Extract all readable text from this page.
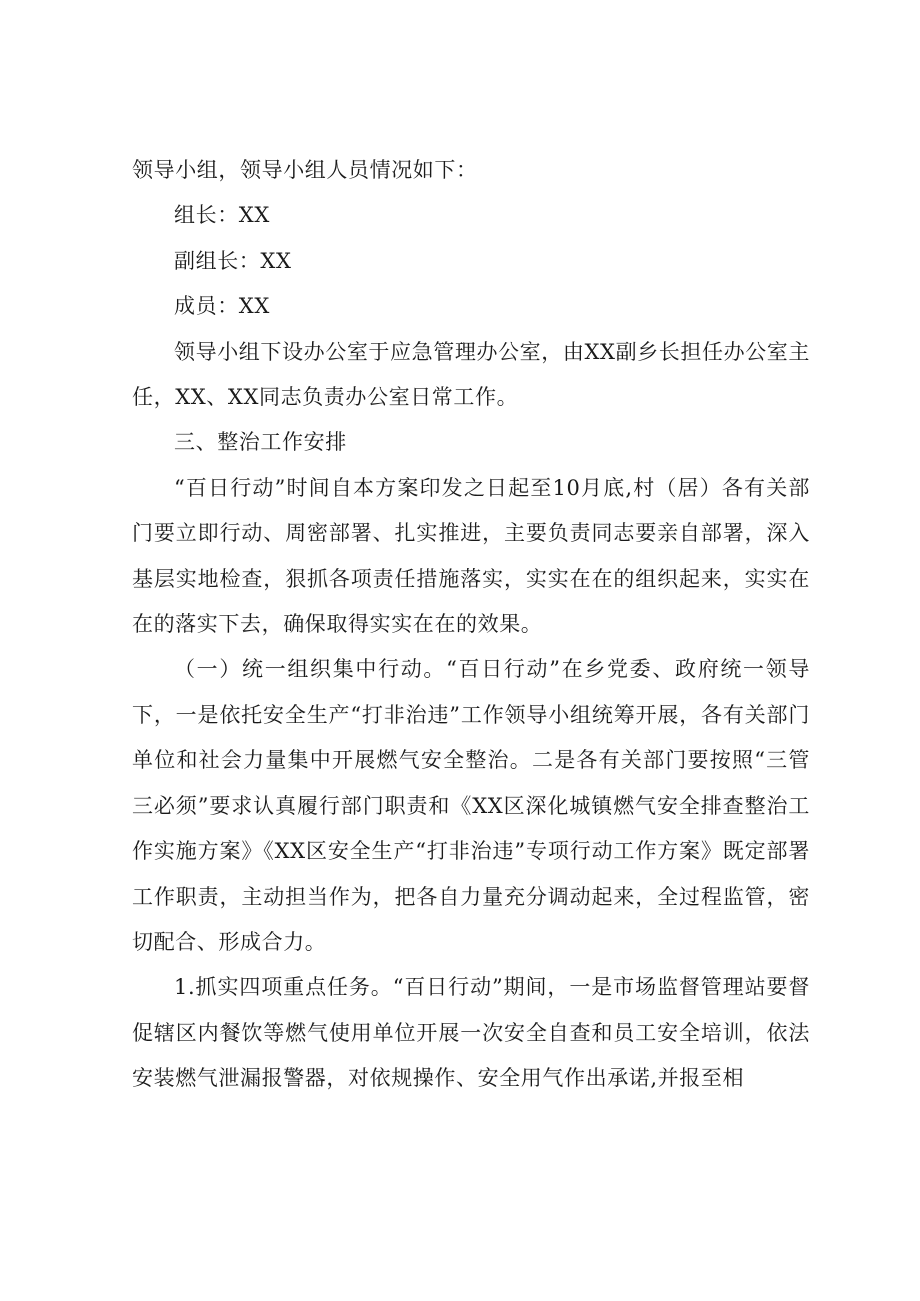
领导小组，领导小组人员情况如下：

组长：XX

副组长：XX

成员：XX

领导小组下设办公室于应急管理办公室，由XX副乡长担任办公室主任，XX、XX同志负责办公室日常工作。

三、整治工作安排

“百日行动”时间自本方案印发之日起至10月底,村（居）各有关部门要立即行动、周密部署、扎实推进，主要负责同志要亲自部署，深入基层实地检查，狠抓各项责任措施落实，实实在在的组织起来，实实在在的落实下去，确保取得实实在在的效果。

（一）统一组织集中行动。“百日行动”在乡党委、政府统一领导下，一是依托安全生产“打非治违”工作领导小组统筹开展，各有关部门单位和社会力量集中开展燃气安全整治。二是各有关部门要按照“三管三必须”要求认真履行部门职责和《XX区深化城镇燃气安全排查整治工作实施方案》《XX区安全生产“打非治违”专项行动工作方案》既定部署工作职责，主动担当作为，把各自力量充分调动起来，全过程监管，密切配合、形成合力。

1.抓实四项重点任务。“百日行动”期间，一是市场监督管理站要督促辖区内餐饮等燃气使用单位开展一次安全自查和员工安全培训，依法安装燃气泄漏报警器，对依规操作、安全用气作出承诺,并报至相
